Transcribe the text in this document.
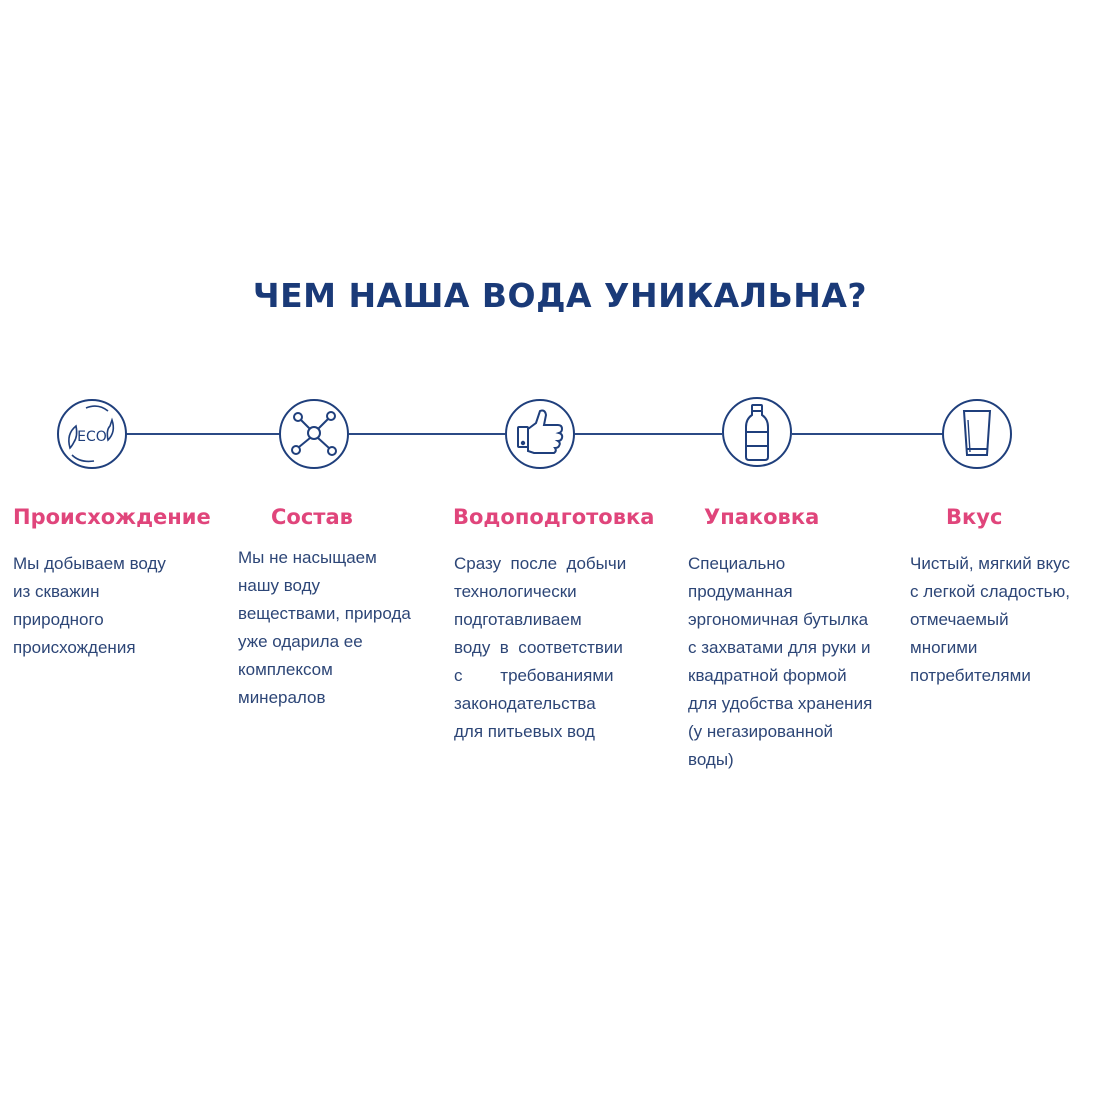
ЧЕМ НАША ВОДА УНИКАЛЬНА?
ECO
Происхождение
Мы добываем воду
из скважин
природного
происхождения
Состав
Мы не насыщаем
нашу воду
веществами, природа
уже одарила ее
комплексом
минералов
Водоподготовка
Сразу  после  добычи
технологически
подготавливаем
воду  в  соответствии
с        требованиями
законодательства
для питьевых вод
Упаковка
Специально
продуманная
эргономичная бутылка
с захватами для руки и
квадратной формой
для удобства хранения
(у негазированной
воды)
Вкус
Чистый, мягкий вкус
с легкой сладостью,
отмечаемый
многими
потребителями
